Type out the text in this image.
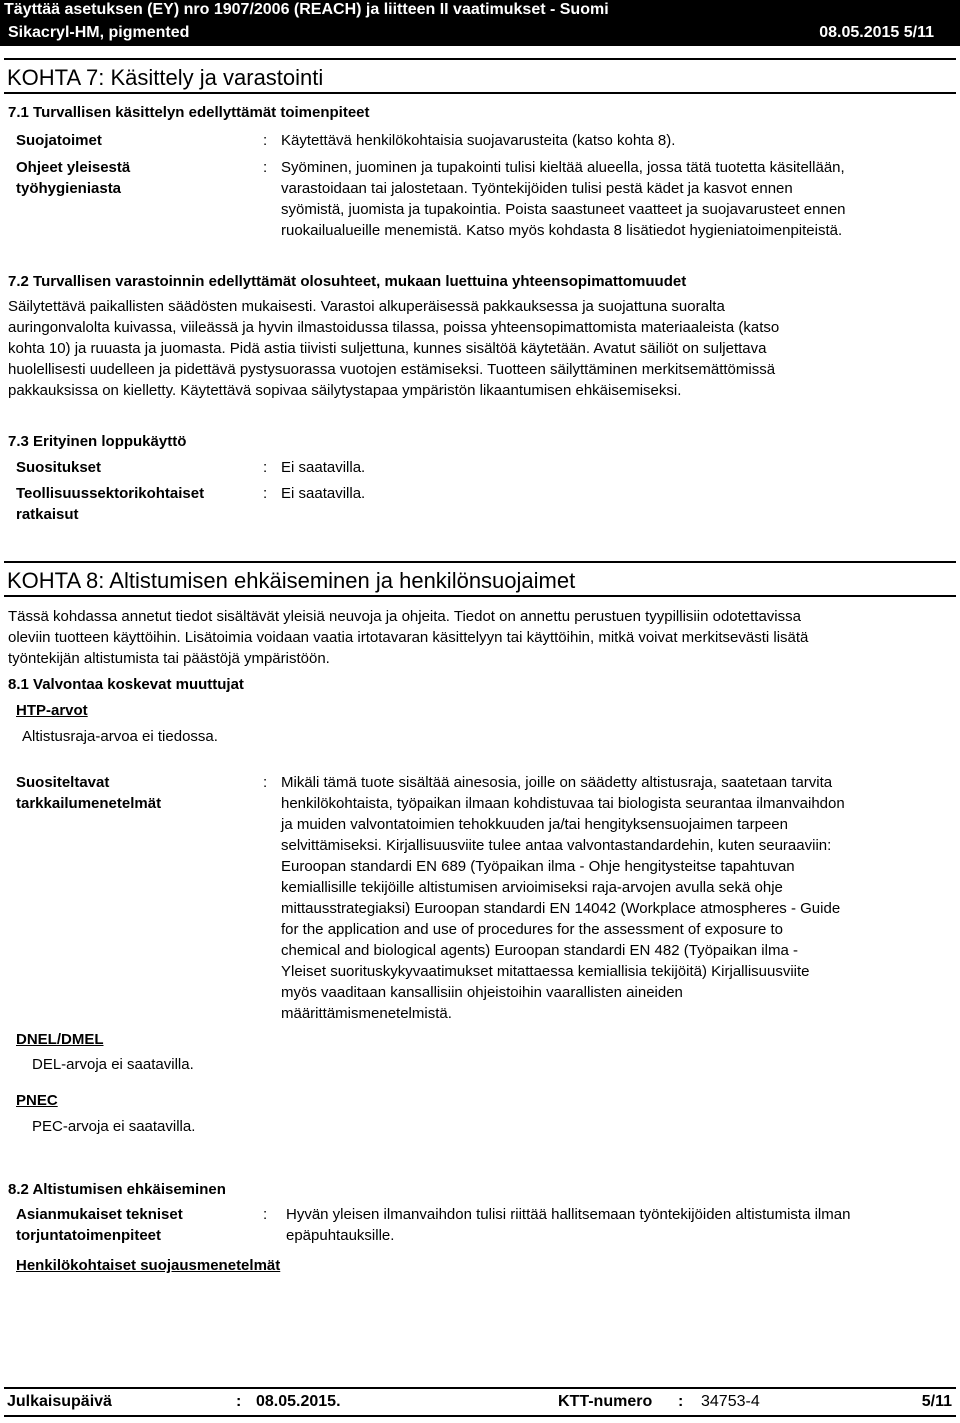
Täyttää asetuksen (EY) nro 1907/2006 (REACH) ja liitteen II vaatimukset - Suomi
Sikacryl-HM, pigmented	08.05.2015 5/11
KOHTA 7: Käsittely ja varastointi
7.1 Turvallisen käsittelyn edellyttämät toimenpiteet
Suojatoimet	: Käytettävä henkilökohtaisia suojavarusteita (katso kohta 8).
Ohjeet yleisestä
työhygieniasta
: Syöminen, juominen ja tupakointi tulisi kieltää alueella, jossa tätä tuotetta käsitellään,
varastoidaan tai jalostetaan. Työntekijöiden tulisi pestä kädet ja kasvot ennen
syömistä, juomista ja tupakointia. Poista saastuneet vaatteet ja suojavarusteet ennen
ruokailualueille menemistä. Katso myös kohdasta 8 lisätiedot hygieniatoimenpiteistä.
7.2 Turvallisen varastoinnin edellyttämät olosuhteet, mukaan luettuina yhteensopimattomuudet
Säilytettävä paikallisten säädösten mukaisesti. Varastoi alkuperäisessä pakkauksessa ja suojattuna suoralta
auringonvalolta kuivassa, viileässä ja hyvin ilmastoidussa tilassa, poissa yhteensopimattomista materiaaleista (katso
kohta 10) ja ruuasta ja juomasta. Pidä astia tiivisti suljettuna, kunnes sisältöä käytetään. Avatut säiliöt on suljettava
huolellisesti uudelleen ja pidettävä pystysuorassa vuotojen estämiseksi. Tuotteen säilyttäminen merkitsemättömissä
pakkauksissa on kielletty. Käytettävä sopivaa säilytystapaa ympäristön likaantumisen ehkäisemiseksi.
7.3 Erityinen loppukäyttö
Suositukset	: Ei saatavilla.
Teollisuussektorikohtaiset
ratkaisut
: Ei saatavilla.
KOHTA 8: Altistumisen ehkäiseminen ja henkilönsuojaimet
Tässä kohdassa annetut tiedot sisältävät yleisiä neuvoja ja ohjeita. Tiedot on annettu perustuen tyypillisiin odotettavissa
oleviin tuotteen käyttöihin. Lisätoimia voidaan vaatia irtotavaran käsittelyyn tai käyttöihin, mitkä voivat merkitsevästi lisätä
työntekijän altistumista tai päästöjä ympäristöön.
8.1 Valvontaa koskevat muuttujat
HTP-arvot
Altistusraja-arvoa ei tiedossa.
Suositeltavat
tarkkailumenetelmät
: Mikäli tämä tuote sisältää ainesosia, joille on säädetty altistusraja, saatetaan tarvita
henkilökohtaista, työpaikan ilmaan kohdistuvaa tai biologista seurantaa ilmanvaihdon
ja muiden valvontatoimien tehokkuuden ja/tai hengityksensuojaimen tarpeen
selvittämiseksi. Kirjallisuusviite tulee antaa valvontastandardehin, kuten seuraaviin:
Euroopan standardi EN 689 (Työpaikan ilma - Ohje hengitysteitse tapahtuvan
kemiallisille tekijöille altistumisen arvioimiseksi raja-arvojen avulla sekä ohje
mittausstrategiaksi) Euroopan standardi EN 14042 (Workplace atmospheres - Guide
for the application and use of procedures for the assessment of exposure to
chemical and biological agents) Euroopan standardi EN 482 (Työpaikan ilma -
Yleiset suorituskykyvaatimukset mitattaessa kemiallisia tekijöitä) Kirjallisuusviite
myös vaaditaan kansallisiin ohjeistoihin vaarallisten aineiden
määrittämismenetelmistä.
DNEL/DMEL
DEL-arvoja ei saatavilla.
PNEC
PEC-arvoja ei saatavilla.
8.2 Altistumisen ehkäiseminen
Asianmukaiset tekniset
torjuntatoimenpiteet
: Hyvän yleisen ilmanvaihdon tulisi riittää hallitsemaan työntekijöiden altistumista ilman
epäpuhtauksille.
Henkilökohtaiset suojausmenetelmät
Julkaisupäivä	: 08.05.2015.	KTT-numero : 34753-4	5/11
